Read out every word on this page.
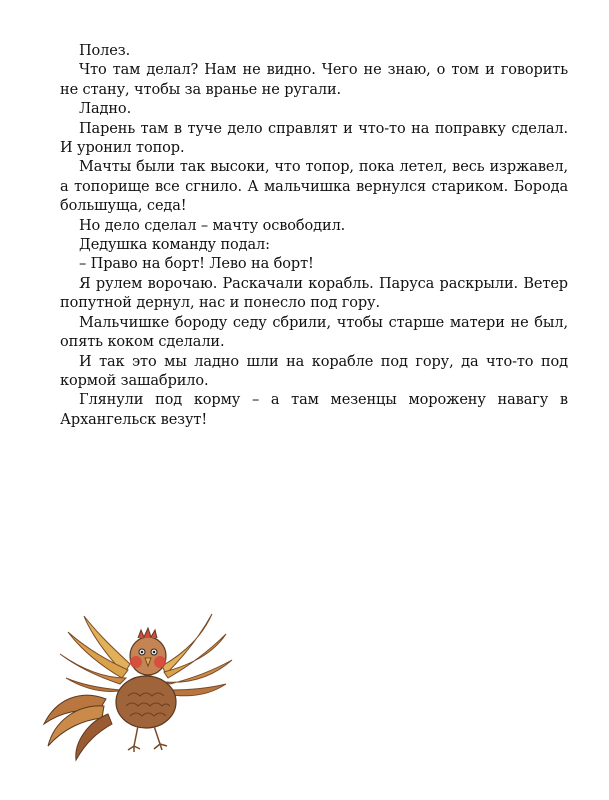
Полез.

Что там делал? Нам не видно. Чего не знаю, о том и говорить не стану, чтобы за вранье не ругали.

Ладно.

Парень там в туче дело справлят и что-то на поправку сделал. И уронил топор.

Мачты были так высоки, что топор, пока летел, весь изржавел, а топорище все сгнило. А мальчишка вернулся стариком. Борода большуща, седа!

Но дело сделал – мачту освободил.

Дедушка команду подал:

– Право на борт! Лево на борт!

Я рулем ворочаю. Раскачали корабль. Паруса раскрыли. Ветер попутной дернул, нас и понесло под гору.

Мальчишке бороду седу сбрили, чтобы старше матери не был, опять коком сделали.

И так это мы ладно шли на корабле под гору, да что-то под кормой зашабрило.

Глянули под корму – а там мезенцы морожену навагу в Архангельск везут!
